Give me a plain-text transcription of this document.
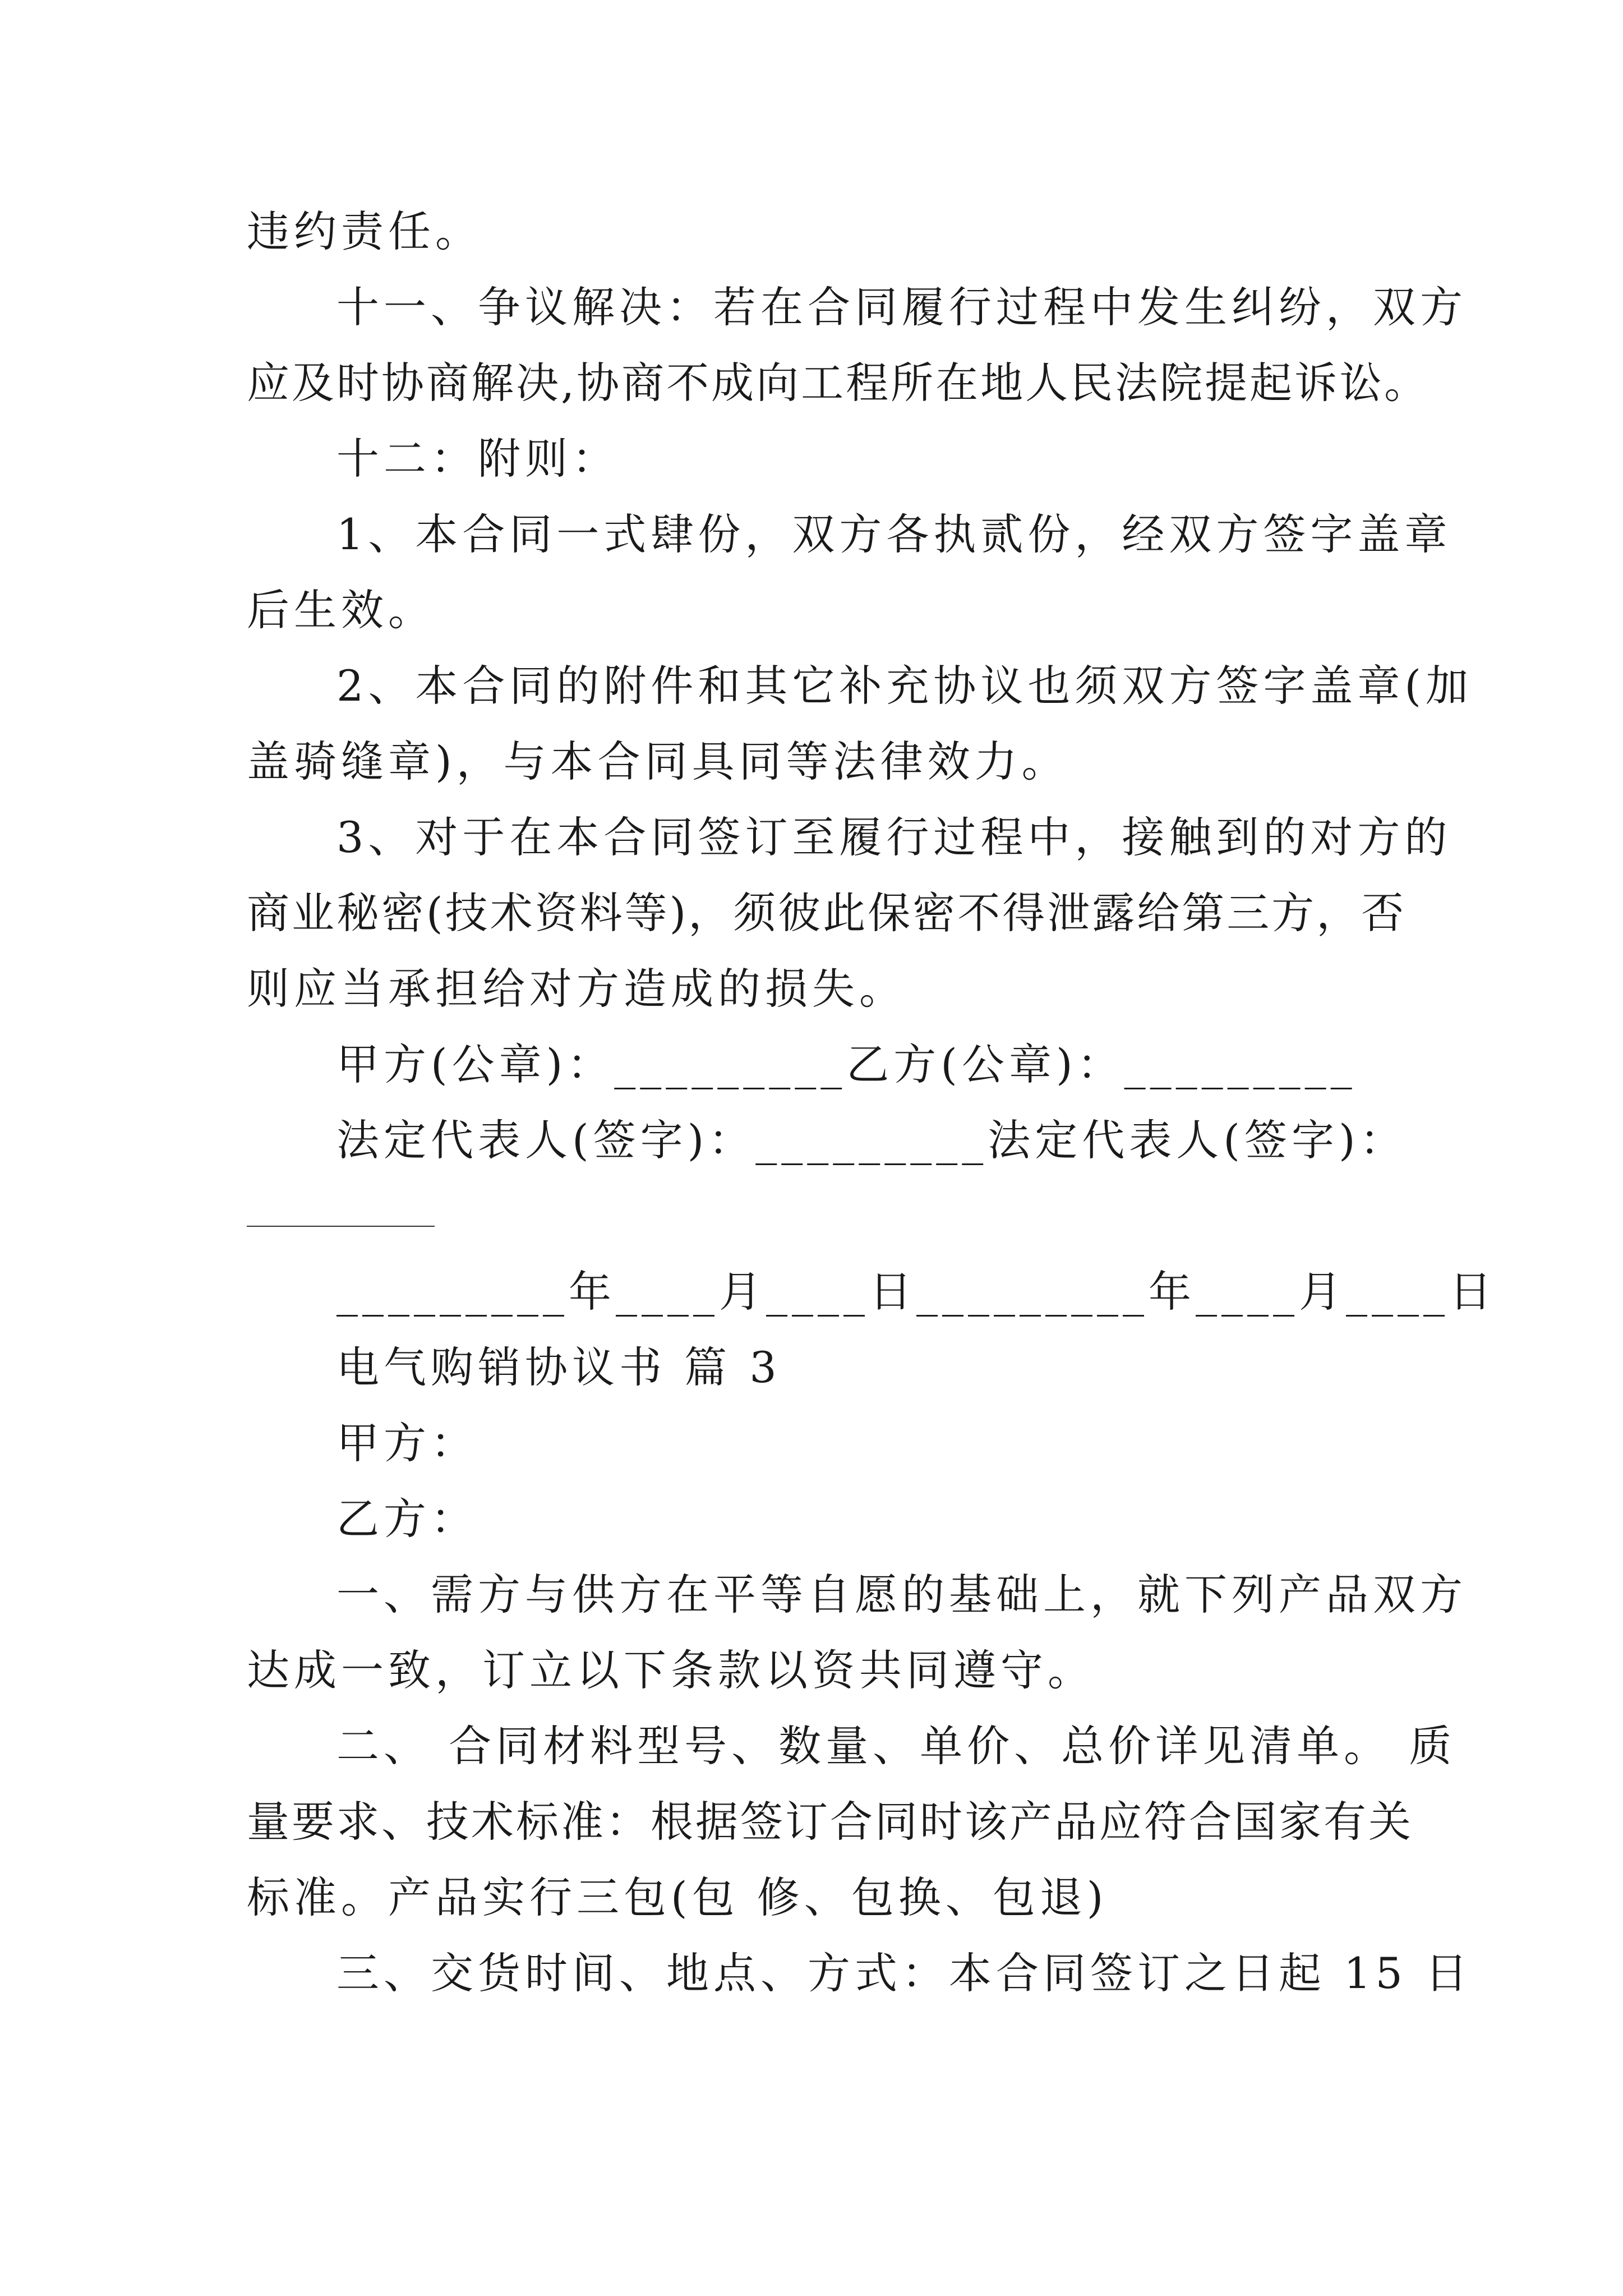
违约责任。
十一、争议解决：若在合同履行过程中发生纠纷，双方
应及时协商解决,协商不成向工程所在地人民法院提起诉讼。
十二：附则：
1、本合同一式肆份，双方各执贰份，经双方签字盖章
后生效。
2、本合同的附件和其它补充协议也须双方签字盖章(加
盖骑缝章)，与本合同具同等法律效力。
3、对于在本合同签订至履行过程中，接触到的对方的
商业秘密(技术资料等)，须彼此保密不得泄露给第三方，否
则应当承担给对方造成的损失。
甲方(公章)：_________乙方(公章)：_________
法定代表人(签字)：_________法定代表人(签字)：
_________年____月____日_________年____月____日
电气购销协议书 篇 3
甲方：
乙方：
一、需方与供方在平等自愿的基础上，就下列产品双方
达成一致，订立以下条款以资共同遵守。
二、 合同材料型号、数量、单价、总价详见清单。 质
量要求、技术标准：根据签订合同时该产品应符合国家有关
标准。产品实行三包(包 修、包换、包退)
三、交货时间、地点、方式：本合同签订之日起 15 日
